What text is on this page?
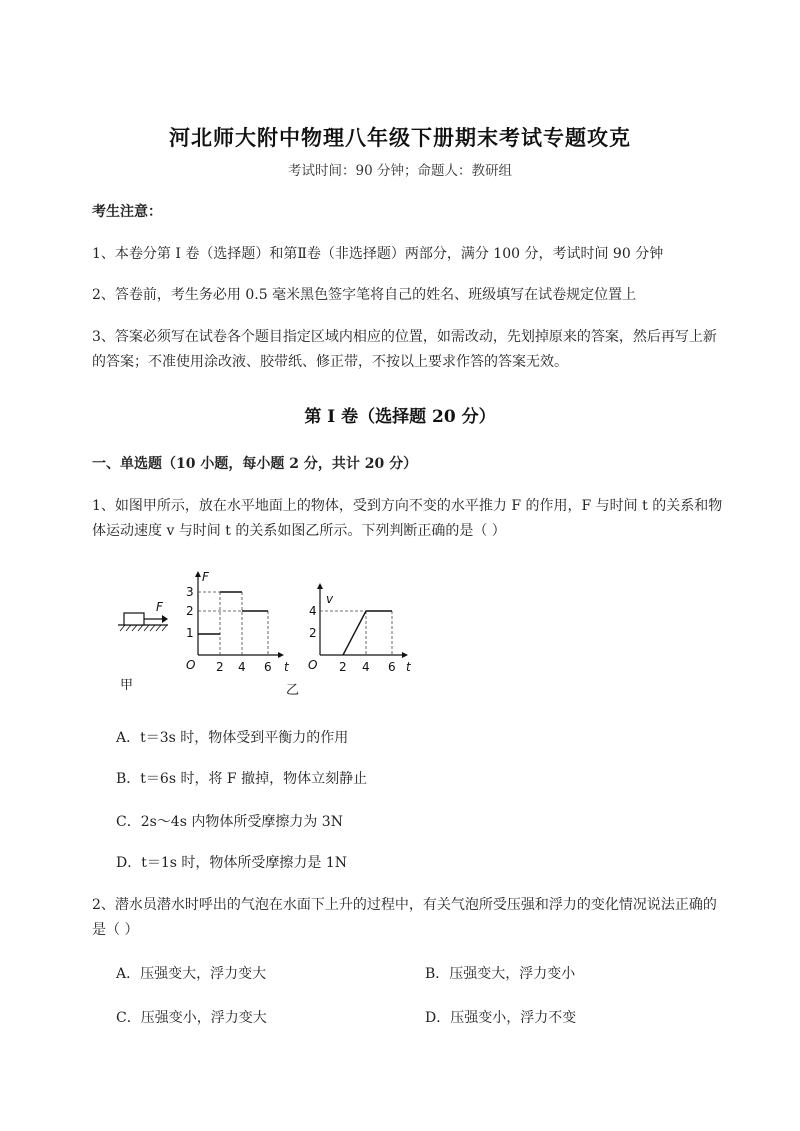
河北师大附中物理八年级下册期末考试专题攻克
考试时间：90 分钟；命题人：教研组
考生注意：
1、本卷分第 I 卷（选择题）和第Ⅱ卷（非选择题）两部分，满分 100 分，考试时间 90 分钟
2、答卷前，考生务必用 0.5 毫米黑色签字笔将自己的姓名、班级填写在试卷规定位置上
3、答案必须写在试卷各个题目指定区域内相应的位置，如需改动，先划掉原来的答案，然后再写上新
的答案；不准使用涂改液、胶带纸、修正带，不按以上要求作答的答案无效。
第 I 卷（选择题 20 分）
一、单选题（10 小题，每小题 2 分，共计 20 分）
1、如图甲所示，放在水平地面上的物体，受到方向不变的水平推力 F 的作用，F 与时间 t 的关系和物
体运动速度 v 与时间 t 的关系如图乙所示。下列判断正确的是（ ）
F
甲
F
3
2
1
O 2 4 6 t
乙
v
4
2
O 2 4 6 t
A．t＝3s 时，物体受到平衡力的作用
B．t＝6s 时，将 F 撤掉，物体立刻静止
C．2s～4s 内物体所受摩擦力为 3N
D．t＝1s 时，物体所受摩擦力是 1N
2、潜水员潜水时呼出的气泡在水面下上升的过程中，有关气泡所受压强和浮力的变化情况说法正确的
是（ ）
A．压强变大，浮力变大	B．压强变大，浮力变小
C．压强变小，浮力变大	D．压强变小，浮力不变
